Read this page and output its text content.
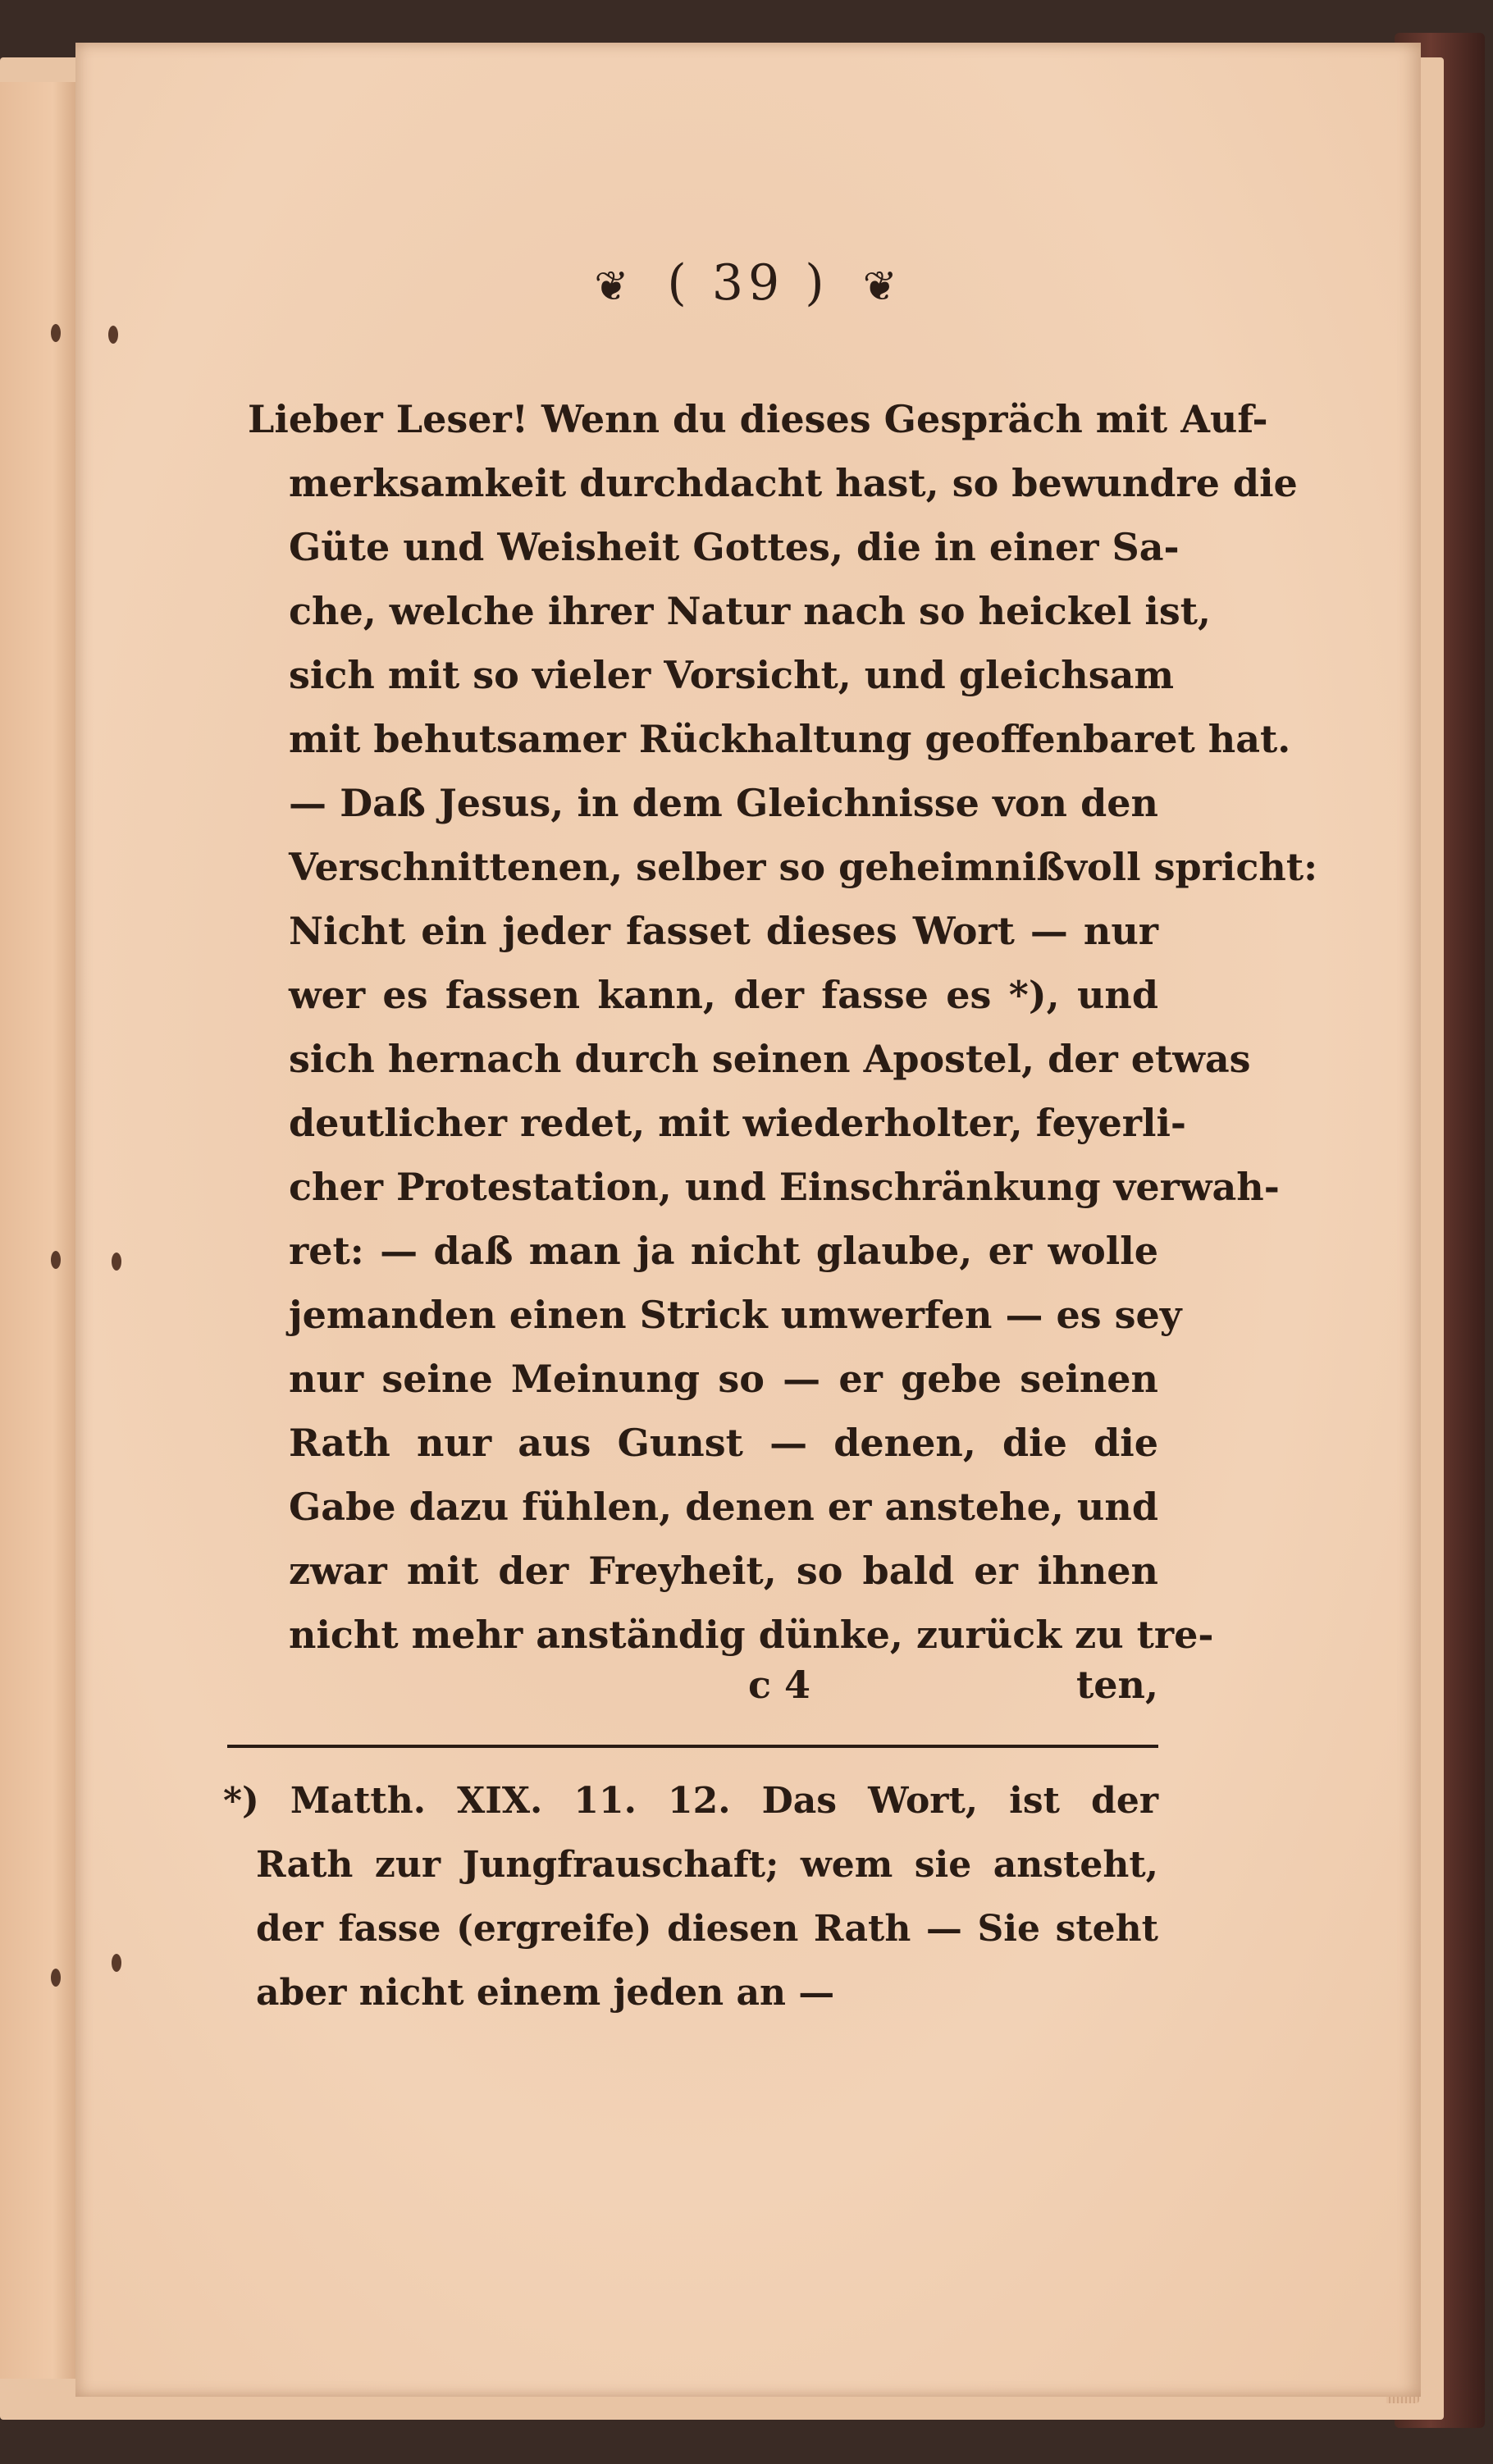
❦ ( 39 ) ❦
Lieber Leser! Wenn du dieses Gespräch mit Auf-
merksamkeit durchdacht hast, so bewundre die
Güte und Weisheit Gottes, die in einer Sa-
che, welche ihrer Natur nach so heickel ist,
sich mit so vieler Vorsicht, und gleichsam
mit behutsamer Rückhaltung geoffenbaret hat.
— Daß Jesus, in dem Gleichnisse von den
Verschnittenen, selber so geheimnißvoll spricht:
Nicht ein jeder fasset dieses Wort — nur
wer es fassen kann, der fasse es *), und
sich hernach durch seinen Apostel, der etwas
deutlicher redet, mit wiederholter, feyerli-
cher Protestation, und Einschränkung verwah-
ret: — daß man ja nicht glaube, er wolle
jemanden einen Strick umwerfen — es sey
nur seine Meinung so — er gebe seinen
Rath nur aus Gunst — denen, die die
Gabe dazu fühlen, denen er anstehe, und
zwar mit der Freyheit, so bald er ihnen
nicht mehr anständig dünke, zurück zu tre-
c 4	ten,
*) Matth. XIX. 11. 12. Das Wort, ist der
Rath zur Jungfrauschaft; wem sie ansteht,
der fasse (ergreife) diesen Rath — Sie steht
aber nicht einem jeden an —
